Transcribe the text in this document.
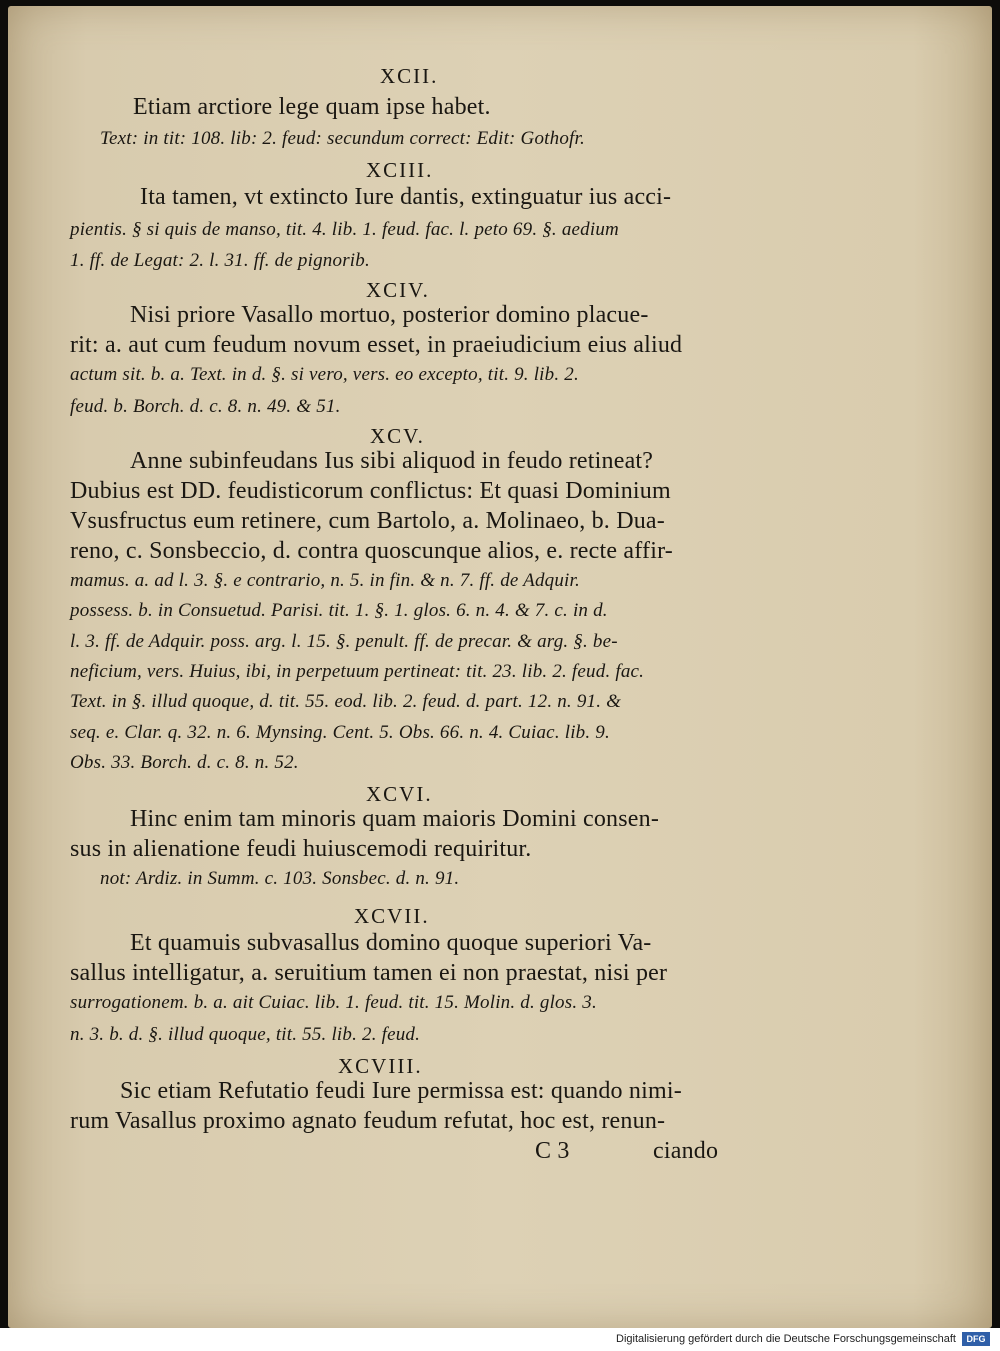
XCII.
Etiam arctiore lege quam ipse habet.
Text: in tit: 108. lib: 2. feud: secundum correct: Edit: Gothofr.
XCIII.
Ita tamen, vt extincto Iure dantis, extinguatur ius acci-
pientis. § si quis de manso, tit. 4. lib. 1. feud. fac. l. peto 69. §. aedium
1. ff. de Legat: 2. l. 31. ff. de pignorib.
XCIV.
Nisi priore Vasallo mortuo, posterior domino placue-
rit: a. aut cum feudum novum esset, in praeiudicium eius aliud
actum sit. b. a. Text. in d. §. si vero, vers. eo excepto, tit. 9. lib. 2.
feud. b. Borch. d. c. 8. n. 49. & 51.
XCV.
Anne subinfeudans Ius sibi aliquod in feudo retineat?
Dubius est DD. feudisticorum conflictus: Et quasi Dominium
Vsusfructus eum retinere, cum Bartolo, a. Molinaeo, b. Dua-
reno, c. Sonsbeccio, d. contra quoscunque alios, e. recte affir-
mamus. a. ad l. 3. §. e contrario, n. 5. in fin. & n. 7. ff. de Adquir.
possess. b. in Consuetud. Parisi. tit. 1. §. 1. glos. 6. n. 4. & 7. c. in d.
l. 3. ff. de Adquir. poss. arg. l. 15. §. penult. ff. de precar. & arg. §. be-
neficium, vers. Huius, ibi, in perpetuum pertineat: tit. 23. lib. 2. feud. fac.
Text. in §. illud quoque, d. tit. 55. eod. lib. 2. feud. d. part. 12. n. 91. &
seq. e. Clar. q. 32. n. 6. Mynsing. Cent. 5. Obs. 66. n. 4. Cuiac. lib. 9.
Obs. 33. Borch. d. c. 8. n. 52.
XCVI.
Hinc enim tam minoris quam maioris Domini consen-
sus in alienatione feudi huiuscemodi requiritur.
not: Ardiz. in Summ. c. 103. Sonsbec. d. n. 91.
XCVII.
Et quamuis subvasallus domino quoque superiori Va-
sallus intelligatur, a. seruitium tamen ei non praestat, nisi per
surrogationem. b. a. ait Cuiac. lib. 1. feud. tit. 15. Molin. d. glos. 3.
n. 3. b. d. §. illud quoque, tit. 55. lib. 2. feud.
XCVIII.
Sic etiam Refutatio feudi Iure permissa est: quando nimi-
rum Vasallus proximo agnato feudum refutat, hoc est, renun-
C 3	ciando
Digitalisierung gefördert durch die Deutsche Forschungsgemeinschaft	DFG
